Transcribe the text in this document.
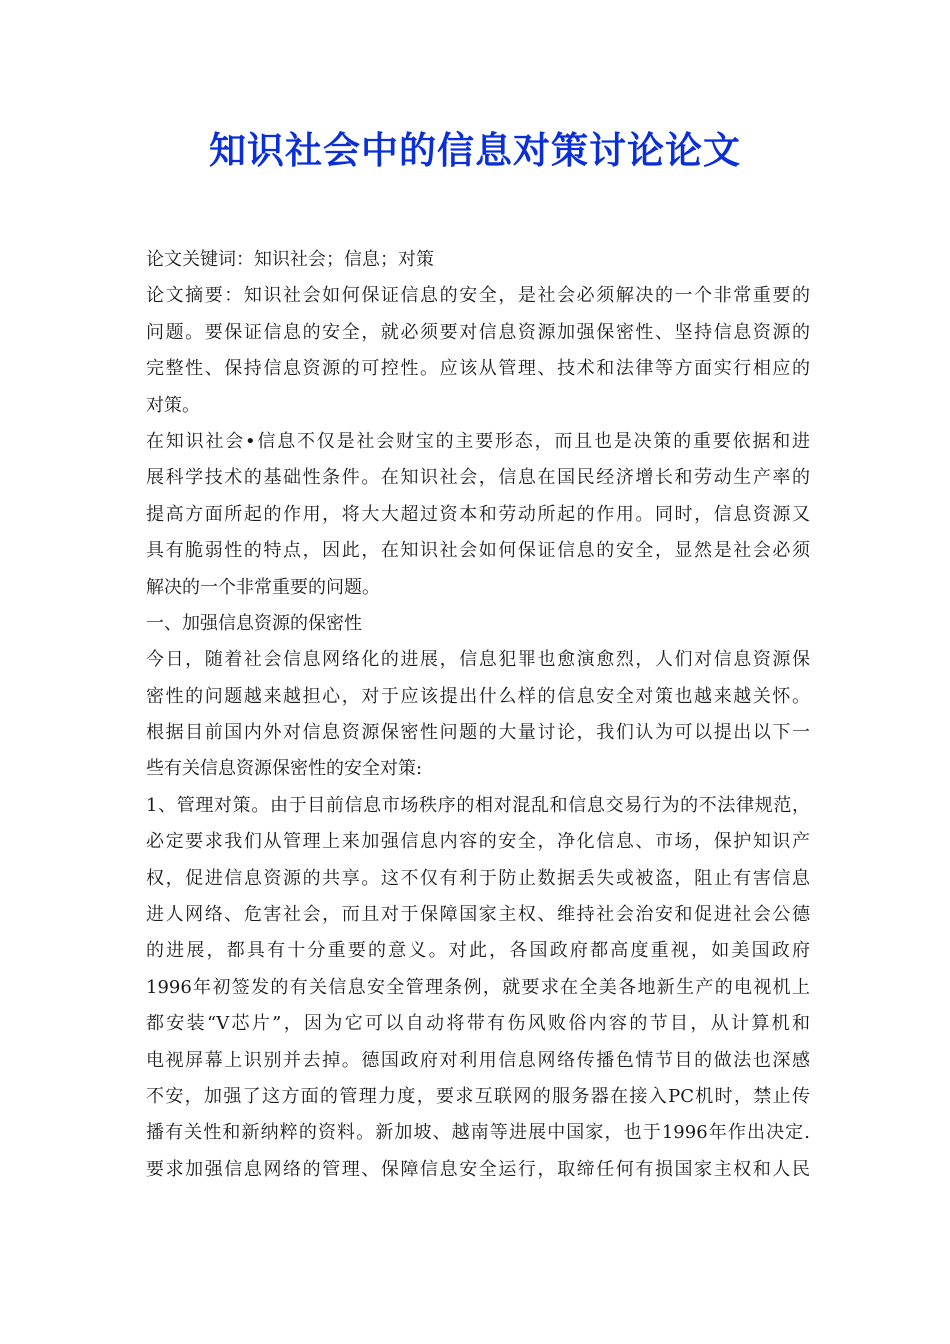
知识社会中的信息对策讨论论文
论文关键词：知识社会；信息；对策
论文摘要：知识社会如何保证信息的安全，是社会必须解决的一个非常重要的
问题。要保证信息的安全，就必须要对信息资源加强保密性、坚持信息资源的
完整性、保持信息资源的可控性。应该从管理、技术和法律等方面实行相应的
对策。
在知识社会•信息不仅是社会财宝的主要形态，而且也是决策的重要依据和进
展科学技术的基础性条件。在知识社会，信息在国民经济增长和劳动生产率的
提高方面所起的作用，将大大超过资本和劳动所起的作用。同时，信息资源又
具有脆弱性的特点，因此，在知识社会如何保证信息的安全，显然是社会必须
解决的一个非常重要的问题。
一、加强信息资源的保密性
今日，随着社会信息网络化的进展，信息犯罪也愈演愈烈，人们对信息资源保
密性的问题越来越担心，对于应该提出什么样的信息安全对策也越来越关怀。
根据目前国内外对信息资源保密性问题的大量讨论，我们认为可以提出以下一
些有关信息资源保密性的安全对策:
1、管理对策。由于目前信息市场秩序的相对混乱和信息交易行为的不法律规范，
必定要求我们从管理上来加强信息内容的安全，净化信息、市场，保护知识产
权，促进信息资源的共享。这不仅有利于防止数据丢失或被盗，阻止有害信息
进人网络、危害社会，而且对于保障国家主权、维持社会治安和促进社会公德
的进展，都具有十分重要的意义。对此，各国政府都高度重视，如美国政府
1996年初签发的有关信息安全管理条例，就要求在全美各地新生产的电视机上
都安装“V芯片”，因为它可以自动将带有伤风败俗内容的节目，从计算机和
电视屏幕上识别并去掉。德国政府对利用信息网络传播色情节目的做法也深感
不安，加强了这方面的管理力度，要求互联网的服务器在接入PC机时，禁止传
播有关性和新纳粹的资料。新加坡、越南等进展中国家，也于1996年作出决定.
要求加强信息网络的管理、保障信息安全运行，取缔任何有损国家主权和人民
